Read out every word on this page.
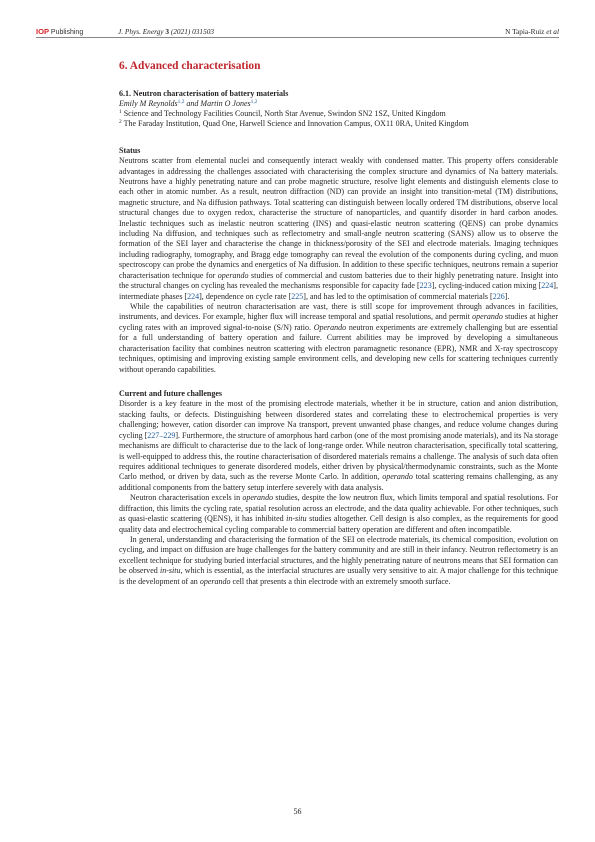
IOP Publishing	J. Phys. Energy 3 (2021) 031503	N Tapia-Ruiz et al
6. Advanced characterisation
6.1. Neutron characterisation of battery materials
Emily M Reynolds$^{1,2}$ and Martin O Jones$^{1,2}$
$^1$ Science and Technology Facilities Council, North Star Avenue, Swindon SN2 1SZ, United Kingdom
$^2$ The Faraday Institution, Quad One, Harwell Science and Innovation Campus, OX11 0RA, United Kingdom
Status

Neutrons scatter from elemental nuclei and consequently interact weakly with condensed matter. This property offers considerable advantages in addressing the challenges associated with characterising the complex structure and dynamics of Na battery materials. Neutrons have a highly penetrating nature and can probe magnetic structure, resolve light elements and distinguish elements close to each other in atomic number. As a result, neutron diffraction (ND) can provide an insight into transition-metal (TM) distributions, magnetic structure, and Na diffusion pathways. Total scattering can distinguish between locally ordered TM distributions, observe local structural changes due to oxygen redox, characterise the structure of nanoparticles, and quantify disorder in hard carbon anodes. Inelastic techniques such as inelastic neutron scattering (INS) and quasi-elastic neutron scattering (QENS) can probe dynamics including Na diffusion, and techniques such as reflectometry and small-angle neutron scattering (SANS) allow us to observe the formation of the SEI layer and characterise the change in thickness/porosity of the SEI and electrode materials. Imaging techniques including radiography, tomography, and Bragg edge tomography can reveal the evolution of the components during cycling, and muon spectroscopy can probe the dynamics and energetics of Na diffusion. In addition to these specific techniques, neutrons remain a superior characterisation technique for operando studies of commercial and custom batteries due to their highly penetrating nature. Insight into the structural changes on cycling has revealed the mechanisms responsible for capacity fade [223], cycling-induced cation mixing [224], intermediate phases [224], dependence on cycle rate [225], and has led to the optimisation of commercial materials [226].

While the capabilities of neutron characterisation are vast, there is still scope for improvement through advances in facilities, instruments, and devices. For example, higher flux will increase temporal and spatial resolutions, and permit operando studies at higher cycling rates with an improved signal-to-noise (S/N) ratio. Operando neutron experiments are extremely challenging but are essential for a full understanding of battery operation and failure. Current abilities may be improved by developing a simultaneous characterisation facility that combines neutron scattering with electron paramagnetic resonance (EPR), NMR and X-ray spectroscopy techniques, optimising and improving existing sample environment cells, and developing new cells for scattering techniques currently without operando capabilities.

Current and future challenges

Disorder is a key feature in the most of the promising electrode materials, whether it be in structure, cation and anion distribution, stacking faults, or defects. Distinguishing between disordered states and correlating these to electrochemical properties is very challenging; however, cation disorder can improve Na transport, prevent unwanted phase changes, and reduce volume changes during cycling [227–229]. Furthermore, the structure of amorphous hard carbon (one of the most promising anode materials), and its Na storage mechanisms are difficult to characterise due to the lack of long-range order. While neutron characterisation, specifically total scattering, is well-equipped to address this, the routine characterisation of disordered materials remains a challenge. The analysis of such data often requires additional techniques to generate disordered models, either driven by physical/thermodynamic constraints, such as the Monte Carlo method, or driven by data, such as the reverse Monte Carlo. In addition, operando total scattering remains challenging, as any additional components from the battery setup interfere severely with data analysis.

Neutron characterisation excels in operando studies, despite the low neutron flux, which limits temporal and spatial resolutions. For diffraction, this limits the cycling rate, spatial resolution across an electrode, and the data quality achievable. For other techniques, such as quasi-elastic scattering (QENS), it has inhibited in-situ studies altogether. Cell design is also complex, as the requirements for good quality data and electrochemical cycling comparable to commercial battery operation are different and often incompatible.

In general, understanding and characterising the formation of the SEI on electrode materials, its chemical composition, evolution on cycling, and impact on diffusion are huge challenges for the battery community and are still in their infancy. Neutron reflectometry is an excellent technique for studying buried interfacial structures, and the highly penetrating nature of neutrons means that SEI formation can be observed in-situ, which is essential, as the interfacial structures are usually very sensitive to air. A major challenge for this technique is the development of an operando cell that presents a thin electrode with an extremely smooth surface.

56
